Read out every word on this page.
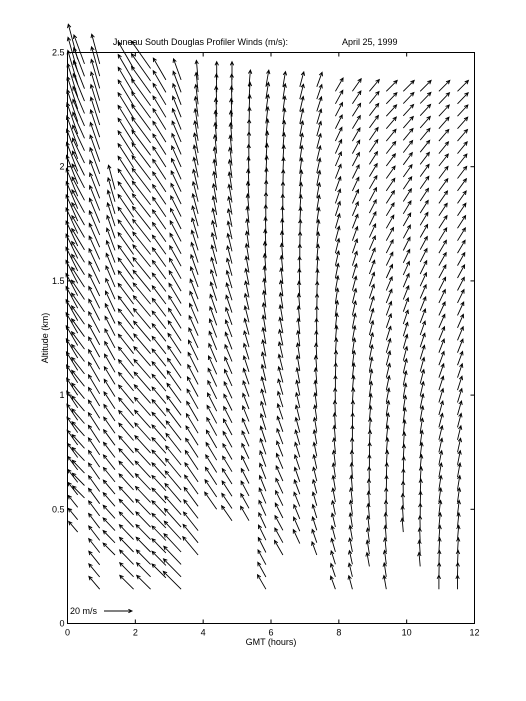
Juneau South Douglas Profiler Winds (m/s):	April 25, 1999
0	2	4	6	8	10	12
0
0.5
1
1.5
2
2.5
GMT (hours)
Altitude (km)
20 m/s
